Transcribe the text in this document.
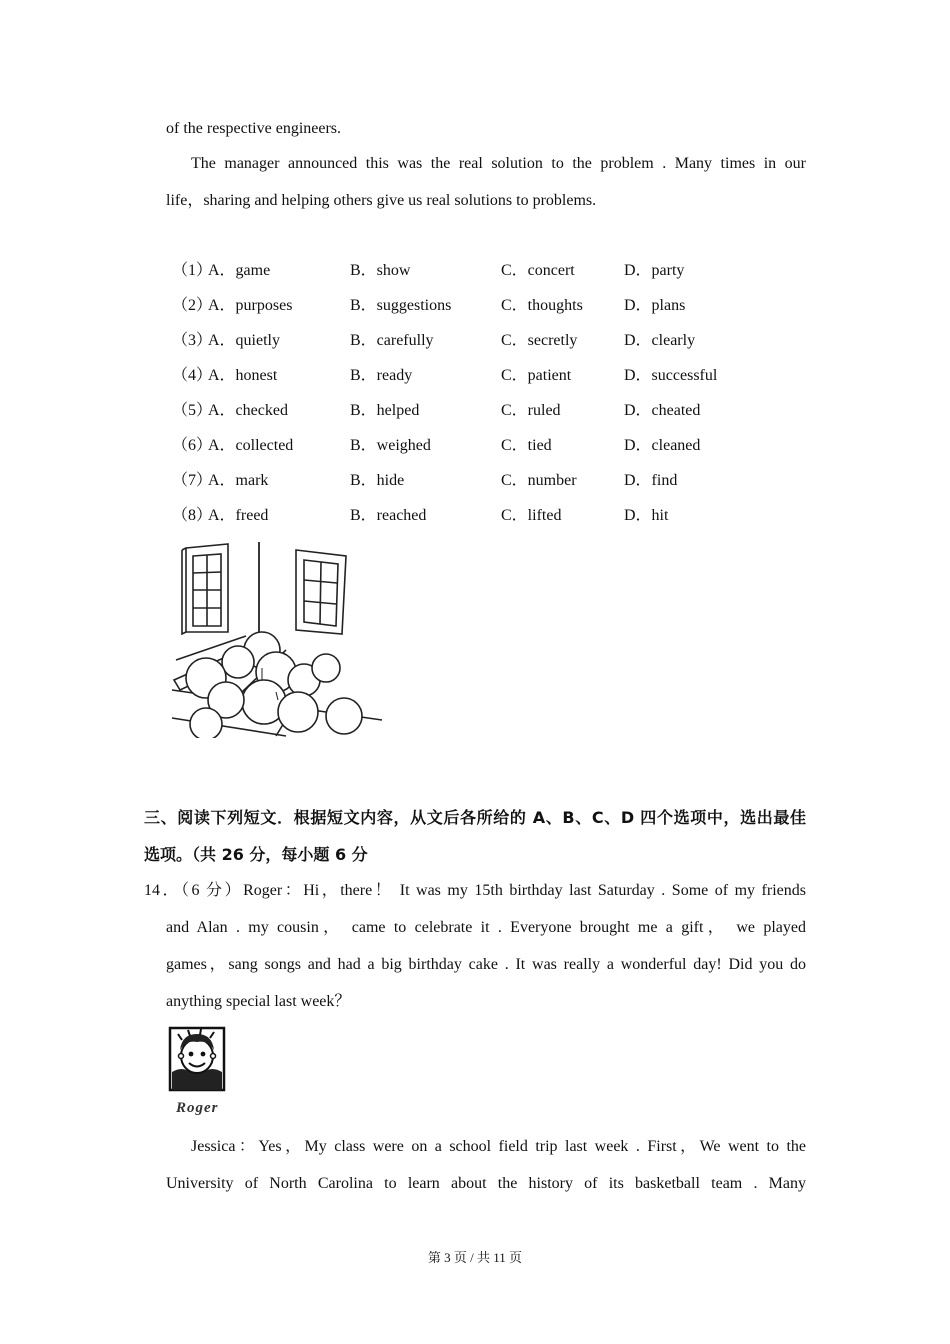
of the respective engineers.
The manager announced this was the real solution to the problem . Many times in our
life，sharing and helping others give us real solutions to problems.
（1）
A．game	B．show	C．concert	D．party
（2）
A．purposes	B．suggestions	C．thoughts	D．plans
（3）
A．quietly	B．carefully	C．secretly	D．clearly
（4）
A．honest	B．ready	C．patient	D．successful
（5）
A．checked	B．helped	C．ruled	D．cheated
（6）
A．collected	B．weighed	C．tied	D．cleaned
（7）
A．mark	B．hide	C．number	D．find
（8）
A．freed	B．reached	C．lifted	D．hit
三、阅读下列短文．根据短文内容，从文后各所给的 A、B、C、D 四个选项中，选出最佳
选项。（共 26 分，每小题 6 分
14．（6 分）Roger：Hi，there！ It was my 15th birthday last Saturday . Some of my friends
and Alan . my cousin， came to celebrate it . Everyone brought me a gift， we played
games，sang songs and had a big birthday cake . It was really a wonderful day! Did you do
anything special last week？
Roger
Jessica：Yes，My class were on a school field trip last week . First，We went to the
University of North Carolina to learn about the history of its basketball team . Many
第 3 页 / 共 11 页
